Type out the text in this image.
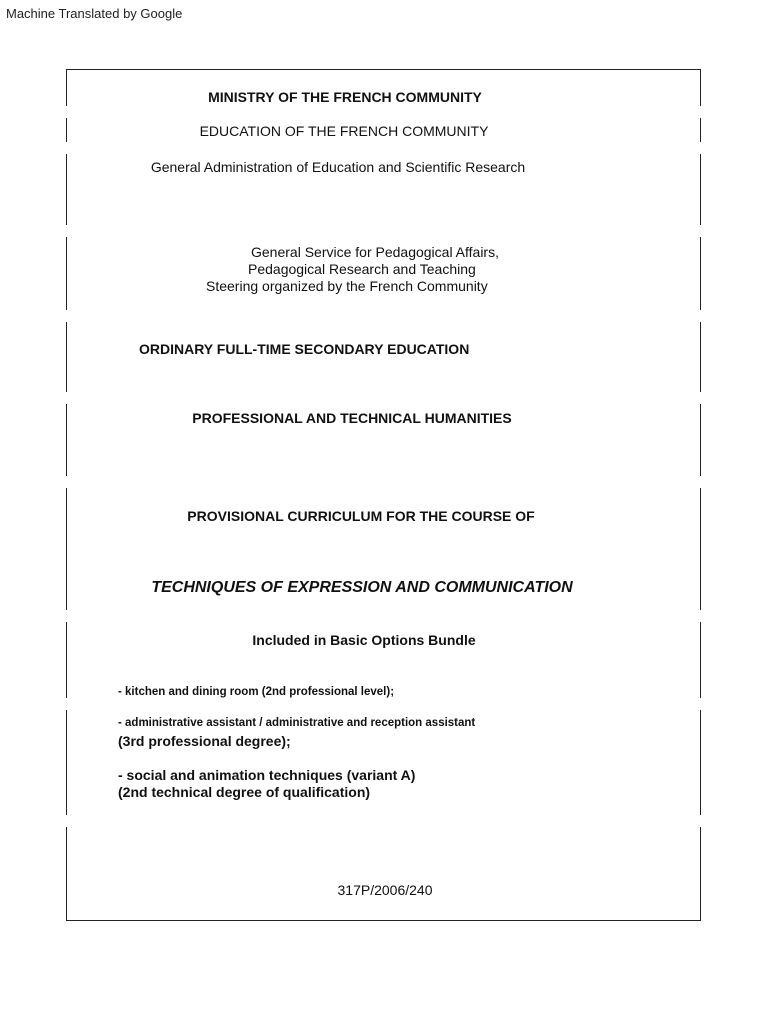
Machine Translated by Google
MINISTRY OF THE FRENCH COMMUNITY
EDUCATION OF THE FRENCH COMMUNITY
General Administration of Education and Scientific Research
General Service for Pedagogical Affairs,
Pedagogical Research and Teaching
Steering organized by the French Community
ORDINARY FULL-TIME SECONDARY EDUCATION
PROFESSIONAL AND TECHNICAL HUMANITIES
PROVISIONAL CURRICULUM FOR THE COURSE OF
TECHNIQUES OF EXPRESSION AND COMMUNICATION
Included in Basic Options Bundle
- kitchen and dining room (2nd professional level);
- administrative assistant / administrative and reception assistant
(3rd professional degree);
- social and animation techniques (variant A)
(2nd technical degree of qualification)
317P/2006/240
